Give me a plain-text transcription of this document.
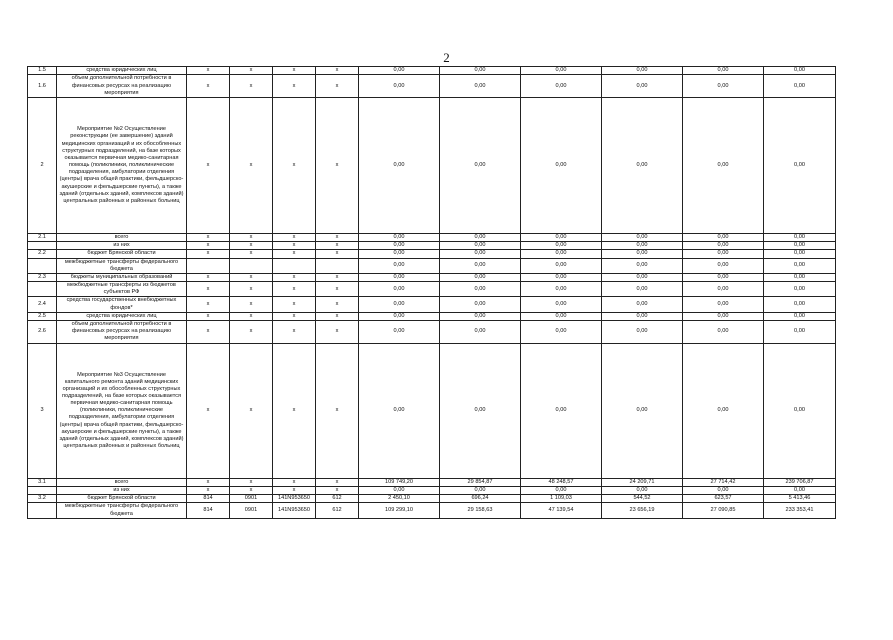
2
1.5	средства юридических лиц	x	x	x	x	0,00	0,00	0,00	0,00	0,00	0,00
1.6	объем дополнительной потребности в финансовых ресурсах на реализацию мероприятия	x	x	x	x	0,00	0,00	0,00	0,00	0,00	0,00
2	Мероприятие №2 Осуществление реконструкции (ее завершение) зданий медицинских организаций и их обособленных структурных подразделений, на базе которых оказывается первичная медико-санитарная помощь (поликлиники, поликлинические подразделения, амбулатории отделения (центры) врача общей практики, фельдшерско- акушерские и фельдшерские пункты), а также зданий (отдельных зданий, комплексов зданий) центральных районных и районных больниц	x	x	x	x	0,00	0,00	0,00	0,00	0,00	0,00
2.1	всего	x	x	x	x	0,00	0,00	0,00	0,00	0,00	0,00
	из них	x	x	x	x	0,00	0,00	0,00	0,00	0,00	0,00
2.2	бюджет Брянской области	x	x	x	x	0,00	0,00	0,00	0,00	0,00	0,00
	межбюджетные трансферты федерального бюджета					0,00	0,00	0,00	0,00	0,00	0,00
2.3	бюджеты муниципальных образований	x	x	x	x	0,00	0,00	0,00	0,00	0,00	0,00
	межбюджетные трансферты из бюджетов субъектов РФ	x	x	x	x	0,00	0,00	0,00	0,00	0,00	0,00
2.4	средства государственных внебюджетных фондов*	x	x	x	x	0,00	0,00	0,00	0,00	0,00	0,00
2.5	средства юридических лиц	x	x	x	x	0,00	0,00	0,00	0,00	0,00	0,00
2.6	объем дополнительной потребности в финансовых ресурсах на реализацию мероприятия	x	x	x	x	0,00	0,00	0,00	0,00	0,00	0,00
3	Мероприятие №3 Осуществление капитального ремонта зданий медицинских организаций и их обособленных структурных подразделений, на базе которых оказывается первичная медико-санитарная помощь (поликлиники, поликлинические подразделения, амбулатории отделения (центры) врача общей практики, фельдшерско- акушерские и фельдшерские пункты), а также зданий (отдельных зданий, комплексов зданий) центральных районных и районных больниц	x	x	x	x	0,00	0,00	0,00	0,00	0,00	0,00
3.1	всего	x	x	x	x	109 749,20	29 854,87	48 248,57	24 209,71	27 714,42	239 706,87
	из них	x	x	x	x	0,00	0,00	0,00	0,00	0,00	0,00
3.2	бюджет Брянской области	814	0901	141N953650	612	2 450,10	696,24	1 109,03	544,52	623,57	5 413,46
	межбюджетные трансферты федерального бюджета	814	0901	141N953650	612	109 299,10	29 158,63	47 139,54	23 656,19	27 090,85	233 353,41
